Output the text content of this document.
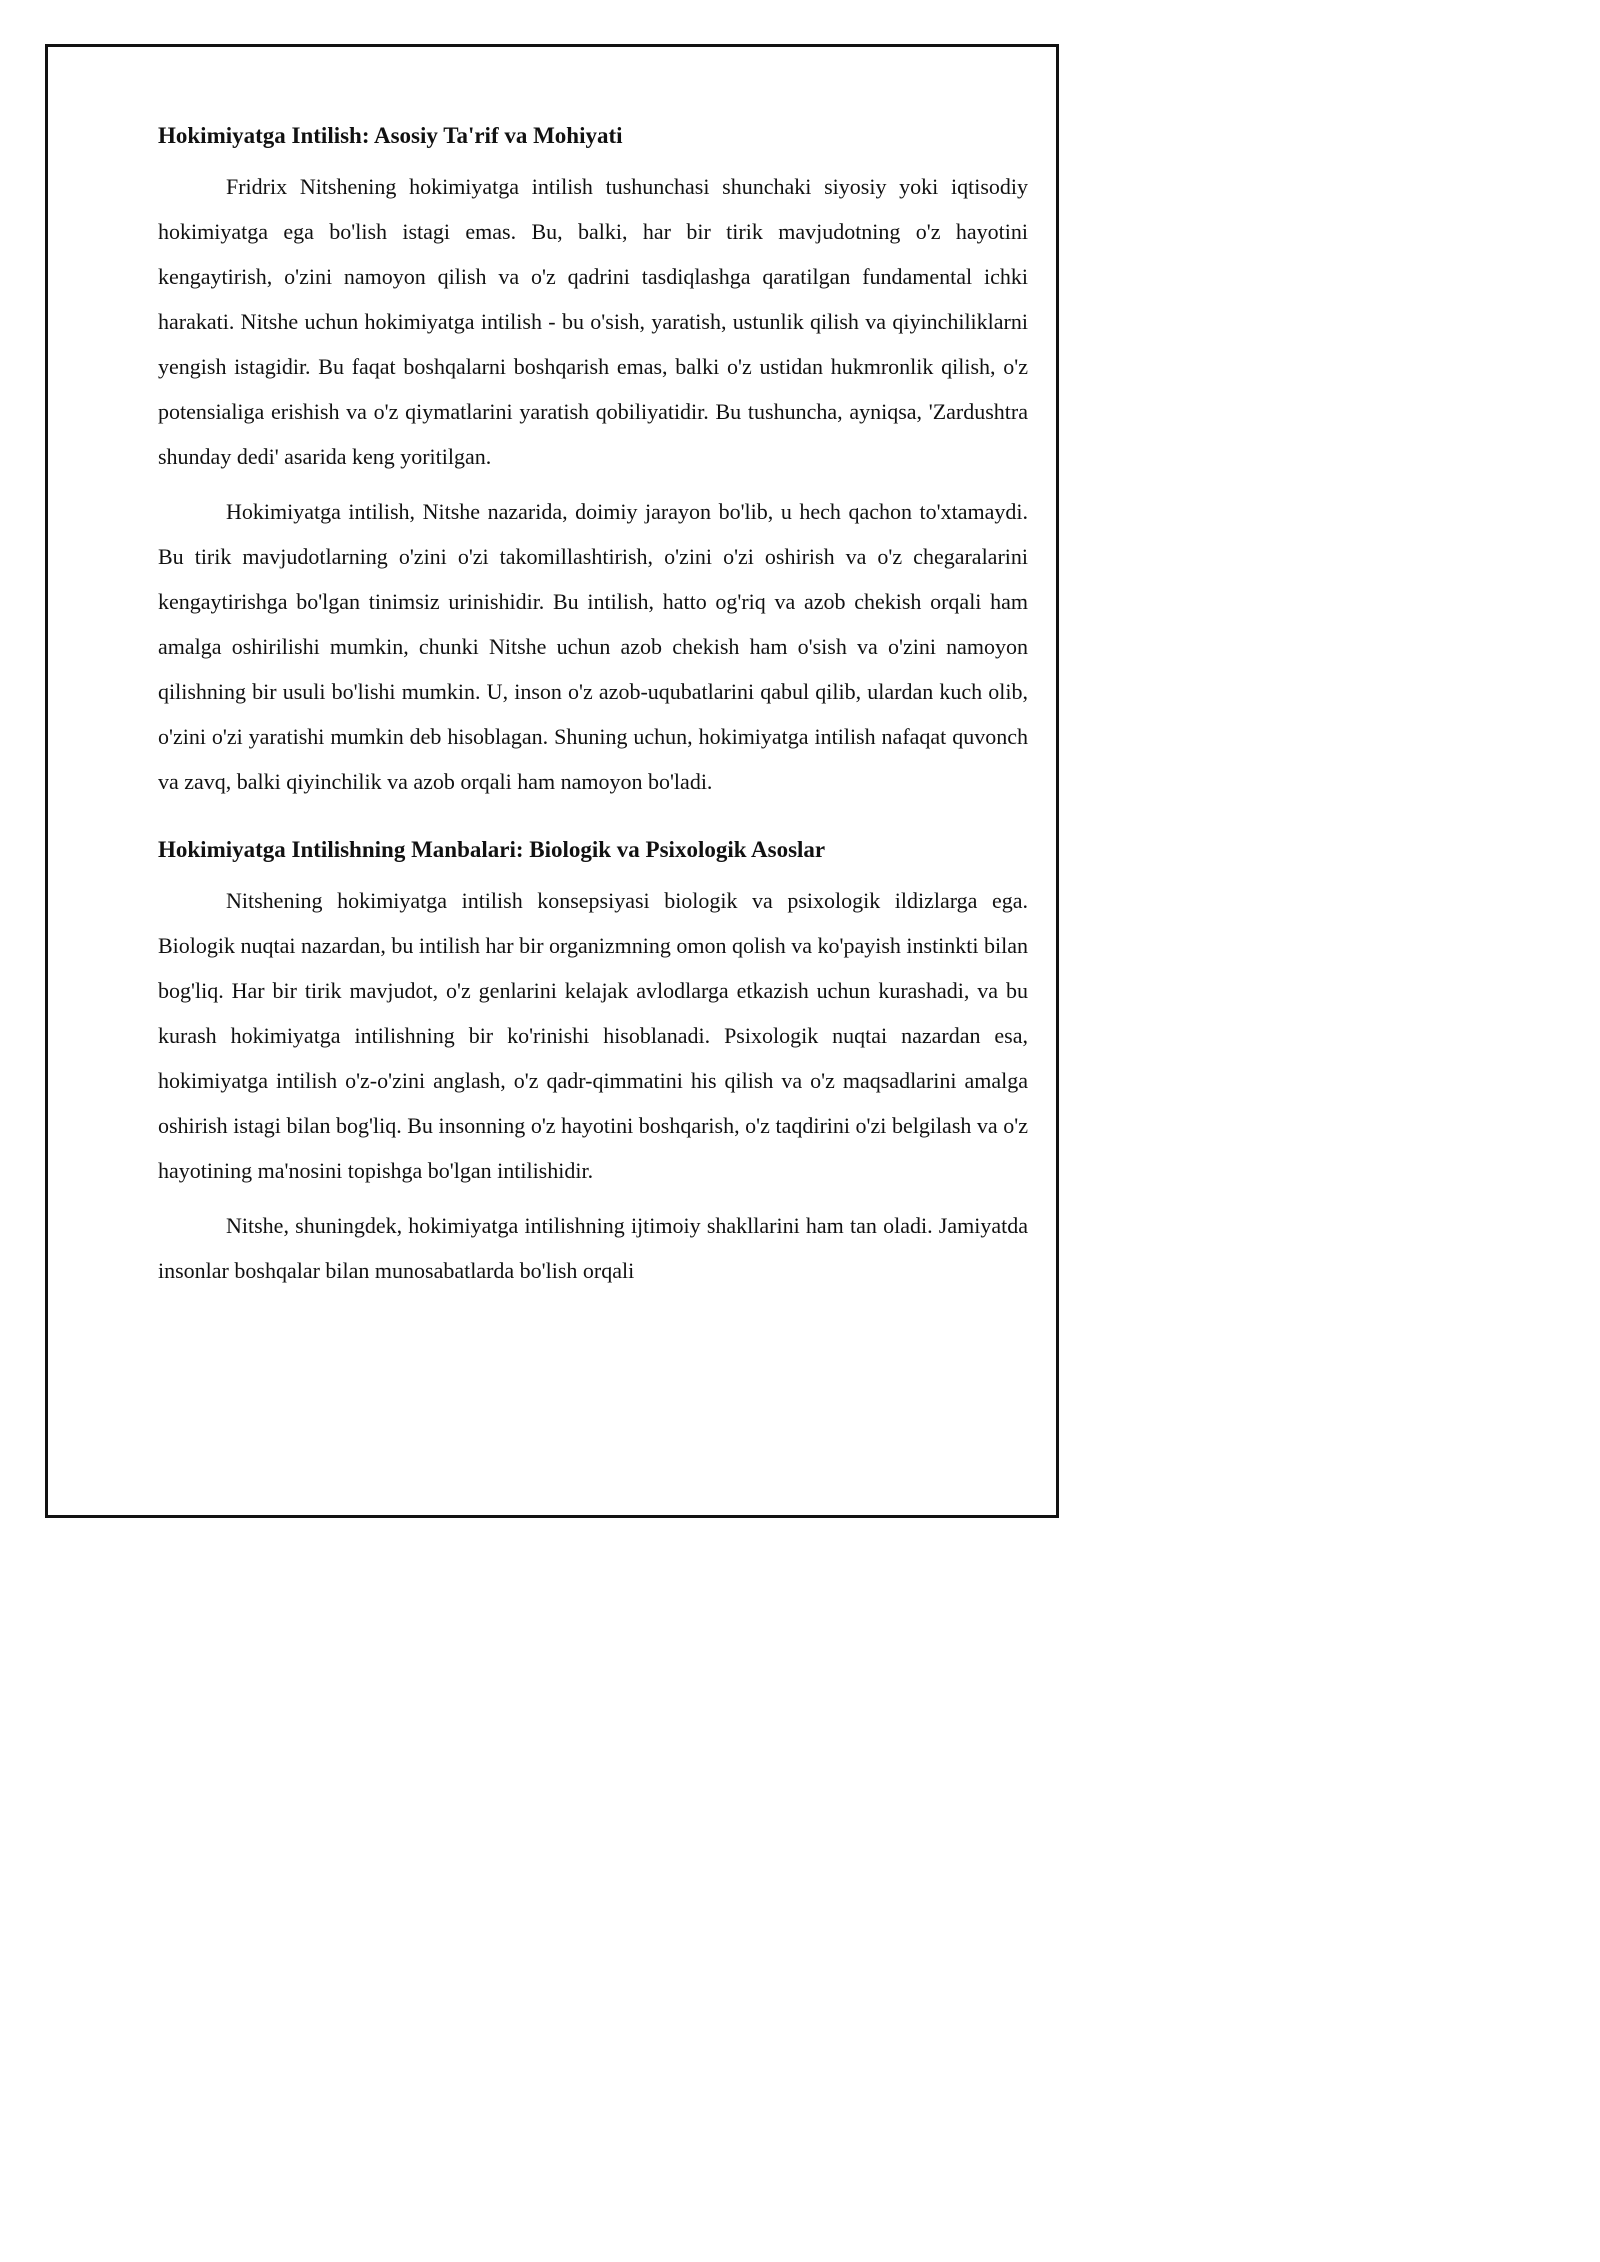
Hokimiyatga Intilish: Asosiy Ta'rif va Mohiyati

Fridrix Nitshening hokimiyatga intilish tushunchasi shunchaki siyosiy yoki iqtisodiy hokimiyatga ega bo'lish istagi emas. Bu, balki, har bir tirik mavjudotning o'z hayotini kengaytirish, o'zini namoyon qilish va o'z qadrini tasdiqlashga qaratilgan fundamental ichki harakati. Nitshe uchun hokimiyatga intilish - bu o'sish, yaratish, ustunlik qilish va qiyinchiliklarni yengish istagidir. Bu faqat boshqalarni boshqarish emas, balki o'z ustidan hukmronlik qilish, o'z potensialiga erishish va o'z qiymatlarini yaratish qobiliyatidir. Bu tushuncha, ayniqsa, 'Zardushtra shunday dedi' asarida keng yoritilgan.

Hokimiyatga intilish, Nitshe nazarida, doimiy jarayon bo'lib, u hech qachon to'xtamaydi. Bu tirik mavjudotlarning o'zini o'zi takomillashtirish, o'zini o'zi oshirish va o'z chegaralarini kengaytirishga bo'lgan tinimsiz urinishidir. Bu intilish, hatto og'riq va azob chekish orqali ham amalga oshirilishi mumkin, chunki Nitshe uchun azob chekish ham o'sish va o'zini namoyon qilishning bir usuli bo'lishi mumkin. U, inson o'z azob-uqubatlarini qabul qilib, ulardan kuch olib, o'zini o'zi yaratishi mumkin deb hisoblagan. Shuning uchun, hokimiyatga intilish nafaqat quvonch va zavq, balki qiyinchilik va azob orqali ham namoyon bo'ladi.

Hokimiyatga Intilishning Manbalari: Biologik va Psixologik Asoslar

Nitshening hokimiyatga intilish konsepsiyasi biologik va psixologik ildizlarga ega. Biologik nuqtai nazardan, bu intilish har bir organizmning omon qolish va ko'payish instinkti bilan bog'liq. Har bir tirik mavjudot, o'z genlarini kelajak avlodlarga etkazish uchun kurashadi, va bu kurash hokimiyatga intilishning bir ko'rinishi hisoblanadi. Psixologik nuqtai nazardan esa, hokimiyatga intilish o'z-o'zini anglash, o'z qadr-qimmatini his qilish va o'z maqsadlarini amalga oshirish istagi bilan bog'liq. Bu insonning o'z hayotini boshqarish, o'z taqdirini o'zi belgilash va o'z hayotining ma'nosini topishga bo'lgan intilishidir.

Nitshe, shuningdek, hokimiyatga intilishning ijtimoiy shakllarini ham tan oladi. Jamiyatda insonlar boshqalar bilan munosabatlarda bo'lish orqali
